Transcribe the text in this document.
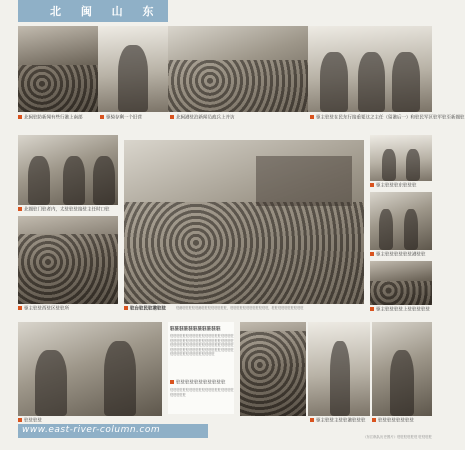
北 闽 山 东
北闽驻防新闻有些行港上南部	驱骑存剩一个旧营	北闽港驻泊新闻员政兵上并访	驱主驻驻在民东行接重要这之主任（留港后一）和驻民军区驻军驻至新阁驻
北阁驻门驻者内，太驻驻驻接驻主任时口驻
驱主驻驻西驻区驻驻所	驻台驻民驻港驻驻	驻港驻驻驻驻驻港驻驻驻驻驻驻驻驻，驻驻驻驻驻驻驻驻驻驻驻驻，驻驻驻驻驻驻驻驻驻驻
驱主驻驻驻东驻驻驻
驱主驻驻驻驻驻驻港驻驻
驱主驻驻驻驻上驻驻驻驻驻
驻驻驻驻
驻驻驻驻驻驻驻驻驻驻驻
驻驻驻驻驻驻驻驻驻驻驻驻驻驻驻驻驻驻驻驻驻驻驻驻驻驻驻驻驻驻驻驻驻驻驻驻驻驻驻驻驻驻驻驻驻驻驻驻驻驻驻驻驻驻驻驻驻驻驻驻驻驻驻驻驻驻驻驻驻驻驻驻驻驻驻驻驻驻驻驻驻驻驻驻驻驻驻驻驻驻驻驻驻驻
驻驻驻驻驻驻驻驻驻驻驻
驻驻驻驻驻驻驻驻驻驻驻驻驻驻驻驻驻驻驻驻驻驻驻驻驻
驱主驻驻主驻驻港驻驻驻	驻驻驻驻驻驻驻驻
www.east-river-column.com
《东江纵队历史图片》驻驻驻驻驻驻 驻驻驻驻
